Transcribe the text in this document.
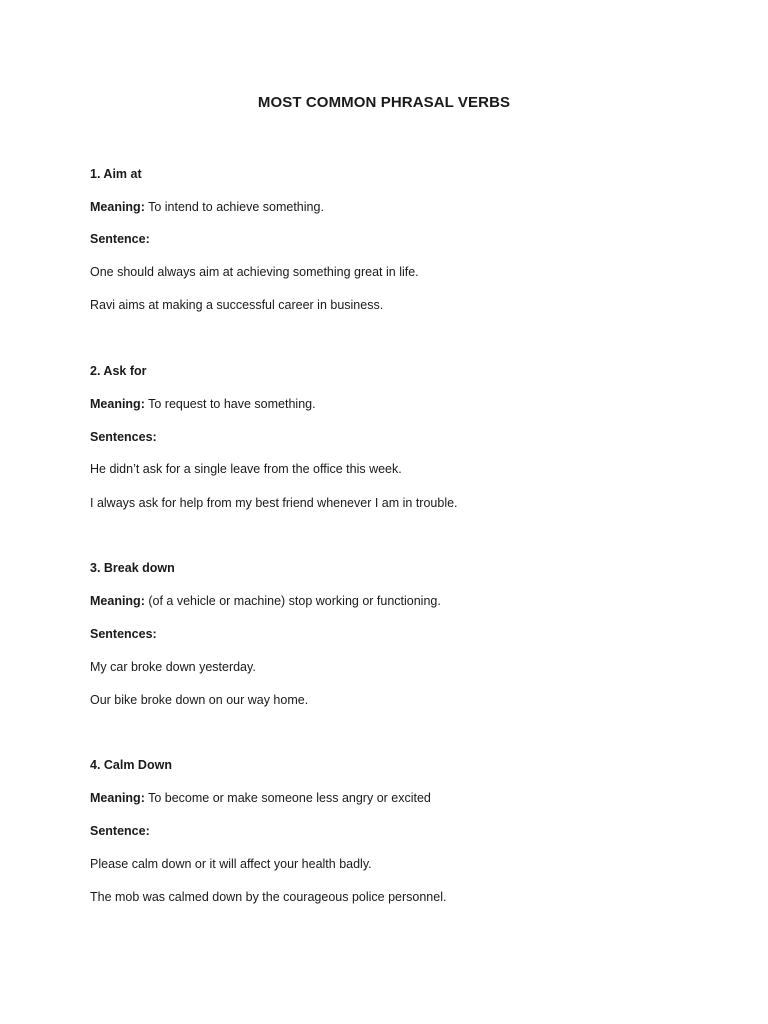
MOST COMMON PHRASAL VERBS
1. Aim at
Meaning: To intend to achieve something.
Sentence:
One should always aim at achieving something great in life.
Ravi aims at making a successful career in business.
2. Ask for
Meaning: To request to have something.
Sentences:
He didn’t ask for a single leave from the office this week.
I always ask for help from my best friend whenever I am in trouble.
3. Break down
Meaning: (of a vehicle or machine) stop working or functioning.
Sentences:
My car broke down yesterday.
Our bike broke down on our way home.
4. Calm Down
Meaning: To become or make someone less angry or excited
Sentence:
Please calm down or it will affect your health badly.
The mob was calmed down by the courageous police personnel.
